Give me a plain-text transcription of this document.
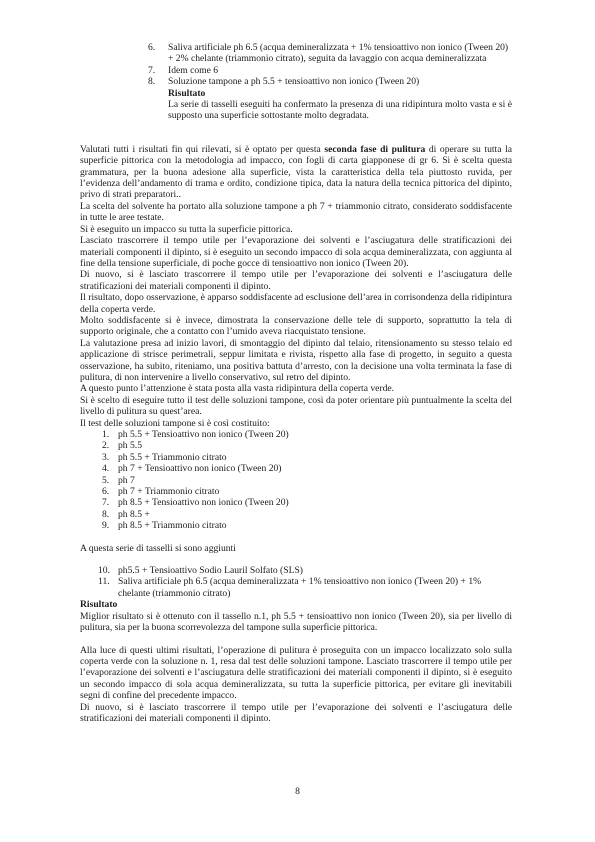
6. Saliva artificiale ph 6.5 (acqua demineralizzata + 1% tensioattivo non ionico (Tween 20) + 2% chelante (triammonio citrato), seguita da lavaggio con acqua demineralizzata
7. Idem come 6
8. Soluzione tampone a ph 5.5 + tensioattivo non ionico (Tween 20)

Risultato

La serie di tasselli eseguiti ha confermato la presenza di una ridipintura molto vasta e si è supposto una superficie sottostante molto degradata.

Valutati tutti i risultati fin qui rilevati, si è optato per questa seconda fase di pulitura di operare su tutta la superficie pittorica con la metodologia ad impacco, con fogli di carta giapponese di gr 6. Si è scelta questa grammatura, per la buona adesione alla superficie, vista la caratteristica della tela piuttosto ruvida, per l’evidenza dell’andamento di trama e ordito, condizione tipica, data la natura della tecnica pittorica del dipinto, privo di strati preparatori..

La scelta del solvente ha portato alla soluzione tampone a ph 7 + triammonio citrato, considerato soddisfacente in tutte le aree testate.

Si è eseguito un impacco su tutta la superficie pittorica.

Lasciato trascorrere il tempo utile per l’evaporazione dei solventi e l’asciugatura delle stratificazioni dei materiali componenti il dipinto, si è eseguito un secondo impacco di sola acqua demineralizzata, con aggiunta al fine della tensione superficiale, di poche gocce di tensioattivo non ionico (Tween 20).

Di nuovo, si è lasciato trascorrere il tempo utile per l’evaporazione dei solventi e l’asciugatura delle stratificazioni dei materiali componenti il dipinto.

Il risultato, dopo osservazione, è apparso soddisfacente ad esclusione dell’area in corrisondenza della ridipintura della coperta verde.

Molto soddisfacente si è invece, dimostrata la conservazione delle tele di supporto, soprattutto la tela di supporto originale, che a contatto con l’umido aveva riacquistato tensione.

La valutazione presa ad inizio lavori, di smontaggio del dipinto dal telaio, ritensionamento su stesso telaio ed applicazione di strisce perimetrali, seppur limitata e rivista, rispetto alla fase di progetto, in seguito a questa osservazione, ha subito, riteniamo, una positiva battuta d’arresto, con la decisione una volta terminata la fase di pulitura, di non intervenire a livello conservativo, sul retro del dipinto.

A questo punto l’attenzione è stata posta alla vasta ridipintura della coperta verde.

Si è scelto di eseguire tutto il test delle soluzioni tampone, così da poter orientare più puntualmente la scelta del livello di pulitura su quest’area.

Il test delle soluzioni tampone si è così costituito:

1. ph 5.5 + Tensioattivo non ionico (Tween 20)
2. ph 5.5
3. ph 5.5 + Triammonio citrato
4. ph 7 + Tensioattivo non ionico (Tween 20)
5. ph 7
6. ph 7 + Triammonio citrato
7. ph 8.5 + Tensioattivo non ionico (Tween 20)
8. ph 8.5 +
9. ph 8.5 + Triammonio citrato

A questa serie di tasselli si sono aggiunti

10. ph5.5 + Tensioattivo Sodio Lauril Solfato (SLS)
11. Saliva artificiale ph 6.5 (acqua demineralizzata + 1% tensioattivo non ionico (Tween 20) + 1% chelante (triammonio citrato)

Risultato

Miglior risultato si è ottenuto con il tassello n.1, ph 5.5 + tensioattivo non ionico (Tween 20), sia per livello di pulitura, sia per la buona scorrevolezza del tampone sulla superficie pittorica.

Alla luce di questi ultimi risultati, l’operazione di pulitura è proseguita con un impacco localizzato solo sulla coperta verde con la soluzione n. 1, resa dal test delle soluzioni tampone. Lasciato trascorrere il tempo utile per l’evaporazione dei solventi e l’asciugatura delle stratificazioni dei materiali componenti il dipinto, si è eseguito un secondo impacco di sola acqua demineralizzata, su tutta la superficie pittorica, per evitare gli inevitabili segni di confine del precedente impacco.

Di nuovo, si è lasciato trascorrere il tempo utile per l’evaporazione dei solventi e l’asciugatura delle stratificazioni dei materiali componenti il dipinto.

8
